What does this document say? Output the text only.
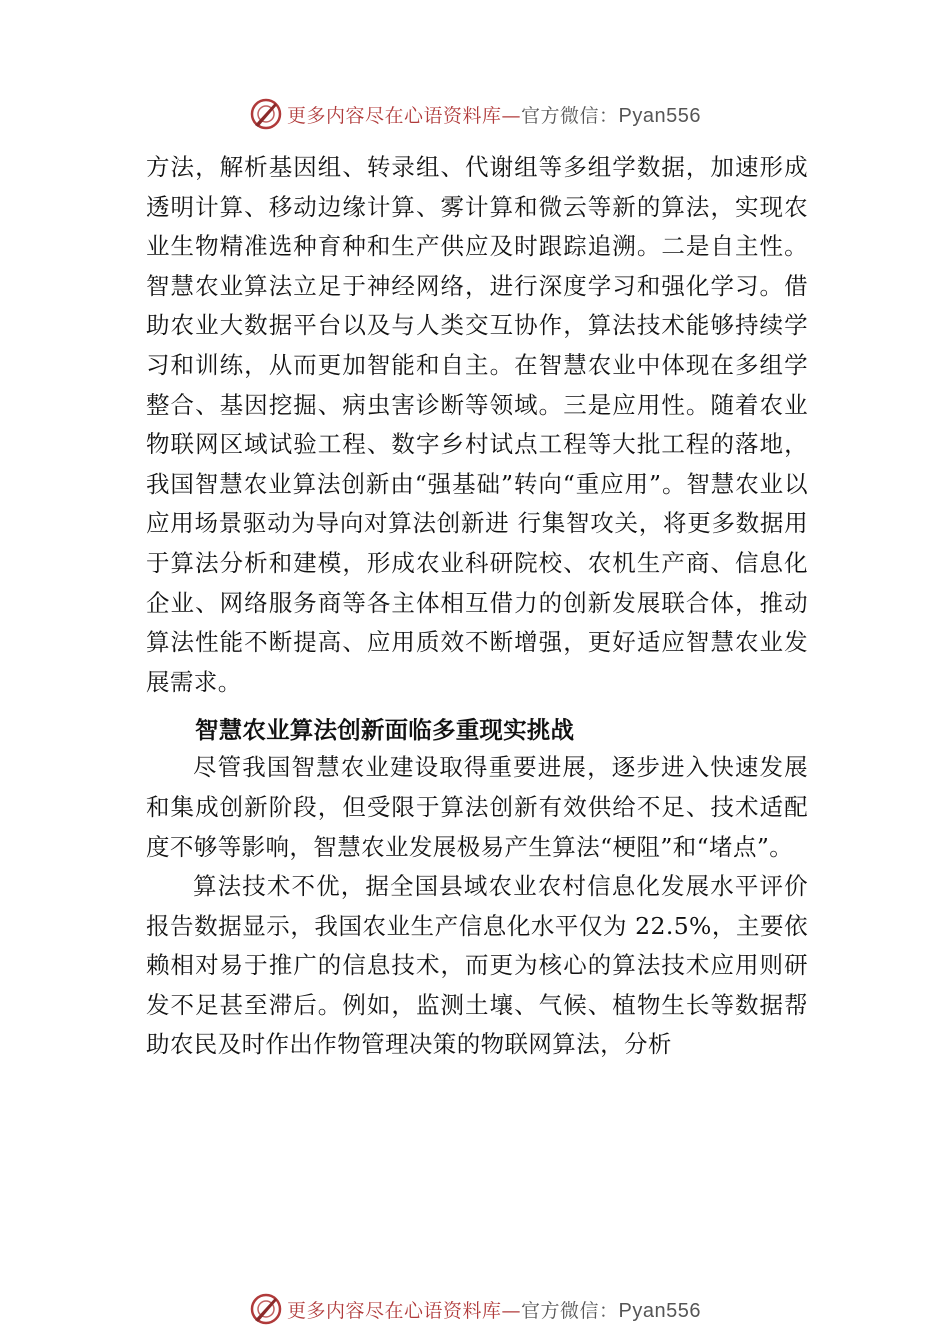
更多内容尽在心语资料库—官方微信：Pyan556

方法，解析基因组、转录组、代谢组等多组学数据，加速形成透明计算、移动边缘计算、雾计算和微云等新的算法，实现农业生物精准选种育种和生产供应及时跟踪追溯。二是自主性。智慧农业算法立足于神经网络，进行深度学习和强化学习。借助农业大数据平台以及与人类交互协作，算法技术能够持续学习和训练，从而更加智能和自主。在智慧农业中体现在多组学整合、基因挖掘、病虫害诊断等领域。三是应用性。随着农业物联网区域试验工程、数字乡村试点工程等大批工程的落地，我国智慧农业算法创新由“强基础”转向“重应用”。智慧农业以应用场景驱动为导向对算法创新进 行集智攻关，将更多数据用于算法分析和建模，形成农业科研院校、农机生产商、信息化企业、网络服务商等各主体相互借力的创新发展联合体，推动算法性能不断提高、应用质效不断增强，更好适应智慧农业发展需求。

智慧农业算法创新面临多重现实挑战

尽管我国智慧农业建设取得重要进展，逐步进入快速发展和集成创新阶段，但受限于算法创新有效供给不足、技术适配度不够等影响，智慧农业发展极易产生算法“梗阻”和“堵点”。

算法技术不优，据全国县域农业农村信息化发展水平评价报告数据显示，我国农业生产信息化水平仅为 22.5%，主要依赖相对易于推广的信息技术，而更为核心的算法技术应用则研发不足甚至滞后。例如，监测土壤、气候、植物生长等数据帮助农民及时作出作物管理决策的物联网算法，分析

更多内容尽在心语资料库—官方微信：Pyan556
